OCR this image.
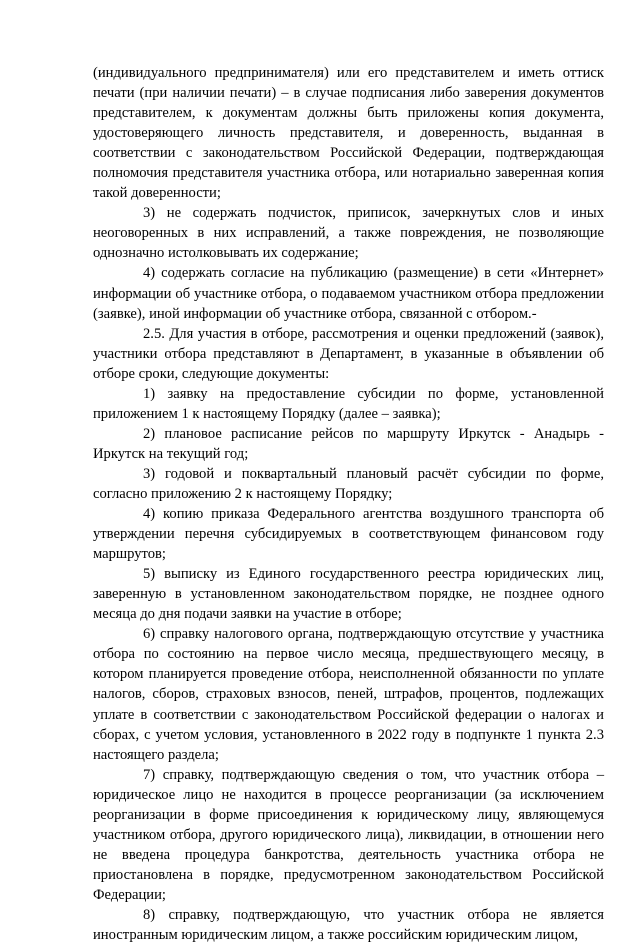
(индивидуального предпринимателя) или его представителем и иметь оттиск печати (при наличии печати) – в случае подписания либо заверения документов представителем, к документам должны быть приложены копия документа, удостоверяющего личность представителя, и доверенность, выданная в соответствии с законодательством Российской Федерации, подтверждающая полномочия представителя участника отбора, или нотариально заверенная копия такой доверенности;

3) не содержать подчисток, приписок, зачеркнутых слов и иных неоговоренных в них исправлений, а также повреждения, не позволяющие однозначно истолковывать их содержание;

4) содержать согласие на публикацию (размещение) в сети «Интернет» информации об участнике отбора, о подаваемом участником отбора предложении (заявке), иной информации об участнике отбора, связанной с отбором.-

2.5. Для участия в отборе, рассмотрения и оценки предложений (заявок), участники отбора представляют в Департамент, в указанные в объявлении об отборе сроки, следующие документы:

1) заявку на предоставление субсидии по форме, установленной приложением 1 к настоящему Порядку (далее – заявка);

2) плановое расписание рейсов по маршруту Иркутск - Анадырь - Иркутск на текущий год;

3) годовой и поквартальный плановый расчёт субсидии по форме, согласно приложению 2 к настоящему Порядку;

4) копию приказа Федерального агентства воздушного транспорта об утверждении перечня субсидируемых в соответствующем финансовом году маршрутов;

5) выписку из Единого государственного реестра юридических лиц, заверенную в установленном законодательством порядке, не позднее одного месяца до дня подачи заявки на участие в отборе;

6) справку налогового органа, подтверждающую отсутствие у участника отбора по состоянию на первое число месяца, предшествующего месяцу, в котором планируется проведение отбора, неисполненной обязанности по уплате налогов, сборов, страховых взносов, пеней, штрафов, процентов, подлежащих уплате в соответствии с законодательством Российской федерации о налогах и сборах, с учетом условия, установленного в 2022 году в подпункте 1 пункта 2.3 настоящего раздела;

7) справку, подтверждающую сведения о том, что участник отбора – юридическое лицо не находится в процессе реорганизации (за исключением реорганизации в форме присоединения к юридическому лицу, являющемуся участником отбора, другого юридического лица), ликвидации, в отношении него не введена процедура банкротства, деятельность участника отбора не приостановлена в порядке, предусмотренном законодательством Российской Федерации;

8) справку, подтверждающую, что участник отбора не является иностранным юридическим лицом, а также российским юридическим лицом,
